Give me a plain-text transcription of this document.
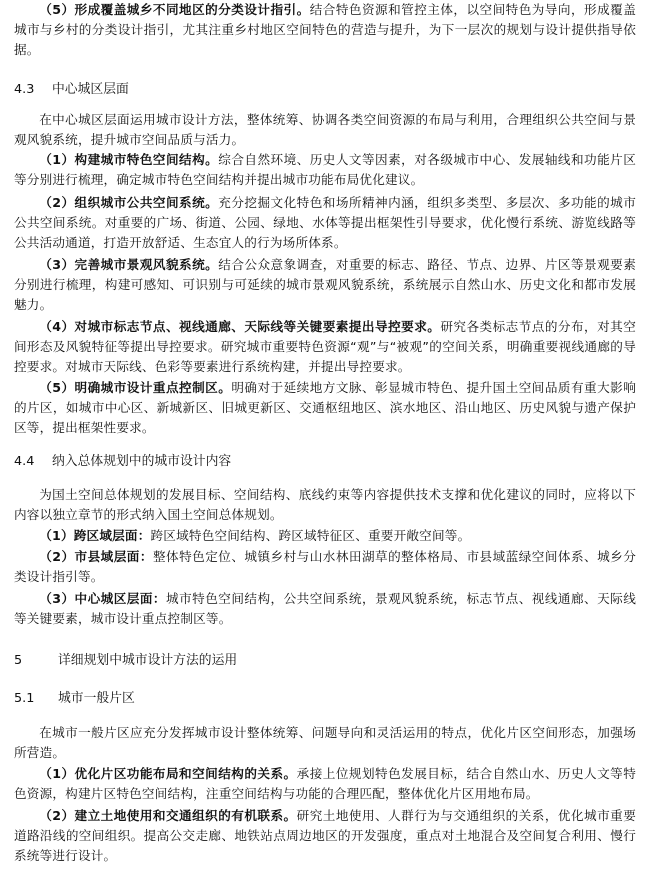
（5）形成覆盖城乡不同地区的分类设计指引。结合特色资源和管控主体，以空间特色为导向，形成覆盖城市与乡村的分类设计指引，尤其注重乡村地区空间特色的营造与提升，为下一层次的规划与设计提供指导依据。

4.3 中心城区层面

在中心城区层面运用城市设计方法，整体统筹、协调各类空间资源的布局与利用，合理组织公共空间与景观风貌系统，提升城市空间品质与活力。

（1）构建城市特色空间结构。综合自然环境、历史人文等因素，对各级城市中心、发展轴线和功能片区等分别进行梳理，确定城市特色空间结构并提出城市功能布局优化建议。

（2）组织城市公共空间系统。充分挖掘文化特色和场所精神内涵，组织多类型、多层次、多功能的城市公共空间系统。对重要的广场、街道、公园、绿地、水体等提出框架性引导要求，优化慢行系统、游览线路等公共活动通道，打造开放舒适、生态宜人的行为场所体系。

（3）完善城市景观风貌系统。结合公众意象调查，对重要的标志、路径、节点、边界、片区等景观要素分别进行梳理，构建可感知、可识别与可延续的城市景观风貌系统，系统展示自然山水、历史文化和都市发展魅力。

（4）对城市标志节点、视线通廊、天际线等关键要素提出导控要求。研究各类标志节点的分布，对其空间形态及风貌特征等提出导控要求。研究城市重要特色资源“观”与“被观”的空间关系，明确重要视线通廊的导控要求。对城市天际线、色彩等要素进行系统构建，并提出导控要求。

（5）明确城市设计重点控制区。明确对于延续地方文脉、彰显城市特色、提升国土空间品质有重大影响的片区，如城市中心区、新城新区、旧城更新区、交通枢纽地区、滨水地区、沿山地区、历史风貌与遗产保护区等，提出框架性要求。

4.4 纳入总体规划中的城市设计内容

为国土空间总体规划的发展目标、空间结构、底线约束等内容提供技术支撑和优化建议的同时，应将以下内容以独立章节的形式纳入国土空间总体规划。

（1）跨区域层面：跨区域特色空间结构、跨区域特征区、重要开敞空间等。

（2）市县域层面：整体特色定位、城镇乡村与山水林田湖草的整体格局、市县域蓝绿空间体系、城乡分类设计指引等。

（3）中心城区层面：城市特色空间结构，公共空间系统，景观风貌系统，标志节点、视线通廊、天际线等关键要素，城市设计重点控制区等。

5	详细规划中城市设计方法的运用
5.1 城市一般片区

在城市一般片区应充分发挥城市设计整体统筹、问题导向和灵活运用的特点，优化片区空间形态，加强场所营造。

（1）优化片区功能布局和空间结构的关系。承接上位规划特色发展目标，结合自然山水、历史人文等特色资源，构建片区特色空间结构，注重空间结构与功能的合理匹配，整体优化片区用地布局。

（2）建立土地使用和交通组织的有机联系。研究土地使用、人群行为与交通组织的关系，优化城市重要道路沿线的空间组织。提高公交走廊、地铁站点周边地区的开发强度，重点对土地混合及空间复合利用、慢行系统等进行设计。
